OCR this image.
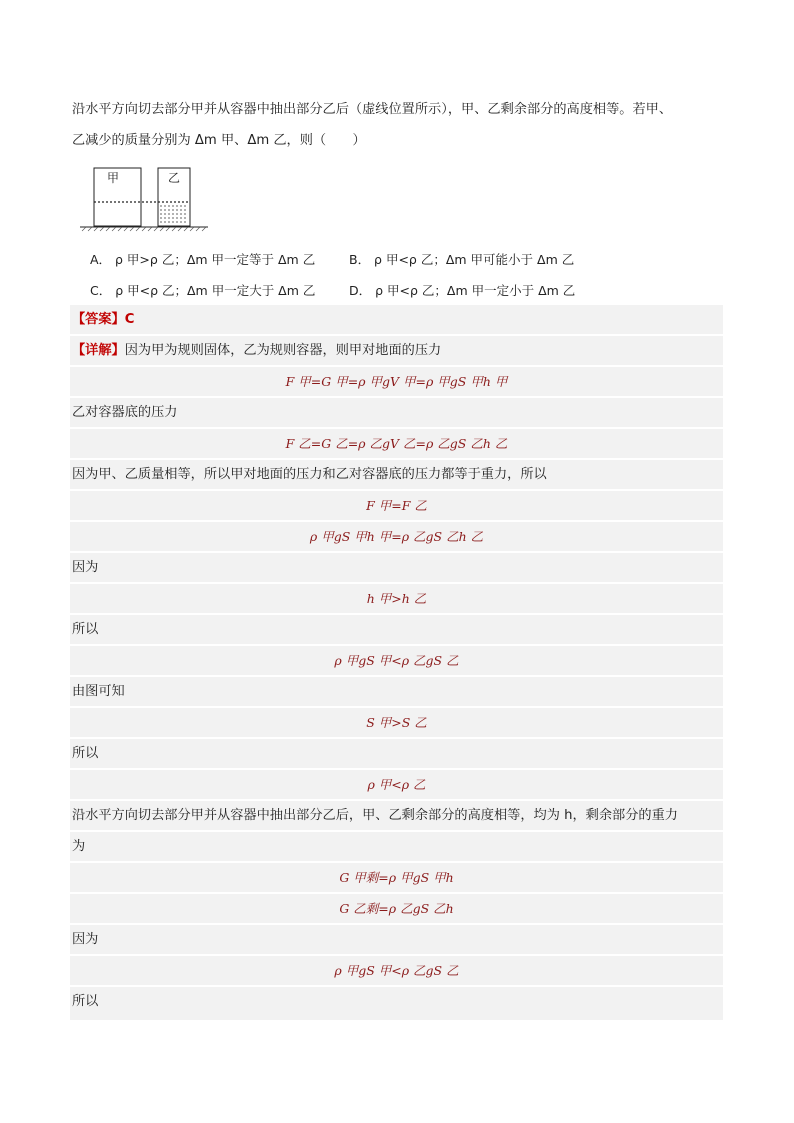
沿水平方向切去部分甲并从容器中抽出部分乙后（虚线位置所示），甲、乙剩余部分的高度相等。若甲、
乙减少的质量分别为 Δm 甲、Δm 乙，则（　　）
甲	乙
A． ρ 甲>ρ 乙；Δm 甲一定等于 Δm 乙	B． ρ 甲<ρ 乙；Δm 甲可能小于 Δm 乙
C． ρ 甲<ρ 乙；Δm 甲一定大于 Δm 乙	D． ρ 甲<ρ 乙；Δm 甲一定小于 Δm 乙
【答案】C
【详解】因为甲为规则固体，乙为规则容器，则甲对地面的压力
F 甲=G 甲=ρ 甲gV 甲=ρ 甲gS 甲h 甲
乙对容器底的压力
F 乙=G 乙=ρ 乙gV 乙=ρ 乙gS 乙h 乙
因为甲、乙质量相等，所以甲对地面的压力和乙对容器底的压力都等于重力，所以
F 甲=F 乙
ρ 甲gS 甲h 甲=ρ 乙gS 乙h 乙
因为
h 甲>h 乙
所以
ρ 甲gS 甲<ρ 乙gS 乙
由图可知
S 甲>S 乙
所以
ρ 甲<ρ 乙
沿水平方向切去部分甲并从容器中抽出部分乙后，甲、乙剩余部分的高度相等，均为 h，剩余部分的重力
为
G 甲剩=ρ 甲gS 甲h
G 乙剩=ρ 乙gS 乙h
因为
ρ 甲gS 甲<ρ 乙gS 乙
所以
